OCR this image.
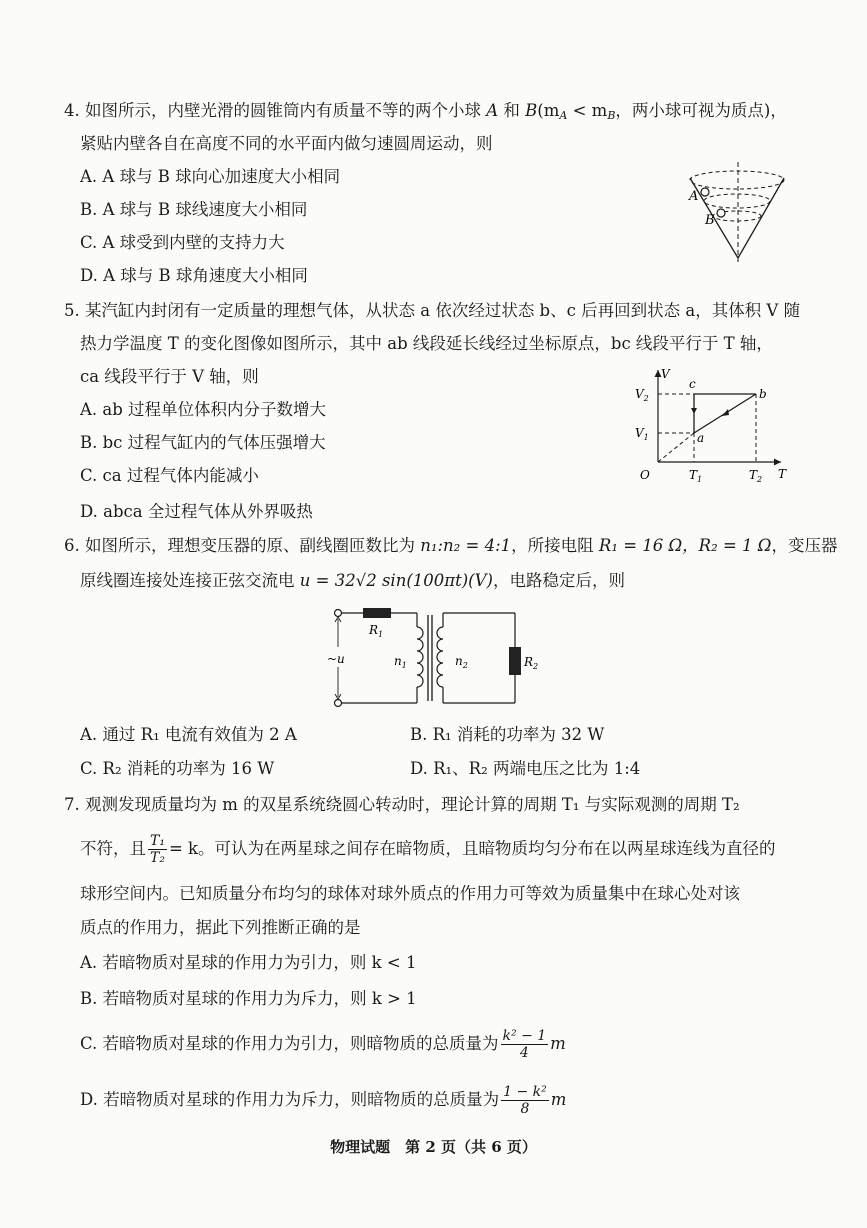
4. 如图所示，内壁光滑的圆锥筒内有质量不等的两个小球 A 和 $B(m_A < m_B$，两小球可视为质点)，
紧贴内壁各自在高度不同的水平面内做匀速圆周运动，则
A. A 球与 B 球向心加速度大小相同
B. A 球与 B 球线速度大小相同
C. A 球受到内壁的支持力大
D. A 球与 B 球角速度大小相同
A
B
5. 某汽缸内封闭有一定质量的理想气体，从状态 a 依次经过状态 b、c 后再回到状态 a，其体积 V 随
热力学温度 T 的变化图像如图所示，其中 ab 线段延长线经过坐标原点，bc 线段平行于 T 轴，
ca 线段平行于 V 轴，则
A. ab 过程单位体积内分子数增大
B. bc 过程气缸内的气体压强增大
C. ca 过程气体内能减小
D. abca 全过程气体从外界吸热
V
T
O
$V_2$
$V_1$
$T_1$	$T_2$
a
b
c
6. 如图所示，理想变压器的原、副线圈匝数比为 n₁:n₂ = 4:1，所接电阻 R₁ = 16 Ω，R₂ = 1 Ω，变压器
原线圈连接处连接正弦交流电 u = 32√2 sin(100πt)(V)，电路稳定后，则
~u
$R_1$
$n_1$	$n_2$	$R_2$
A. 通过 R₁ 电流有效值为 2 A	B. R₁ 消耗的功率为 32 W
C. R₂ 消耗的功率为 16 W	D. R₁、R₂ 两端电压之比为 1:4
7. 观测发现质量均为 m 的双星系统绕圆心转动时，理论计算的周期 T₁ 与实际观测的周期 T₂
不符，且 $\frac{\text{T₁}}{\text{T₂}} = k$。可认为在两星球之间存在暗物质，且暗物质均匀分布在以两星球连线为直径的
球形空间内。已知质量分布均匀的球体对球外质点的作用力可等效为质量集中在球心处对该
质点的作用力，据此下列推断正确的是
A. 若暗物质对星球的作用力为引力，则 k < 1
B. 若暗物质对星球的作用力为斥力，则 k > 1
C. 若暗物质对星球的作用力为引力，则暗物质的总质量为 $\frac{\text{k² − 1}}{4}$ m
D. 若暗物质对星球的作用力为斥力，则暗物质的总质量为 $\frac{\text{1 − k²}}{8}$ m
物理试题　第 2 页（共 6 页）
